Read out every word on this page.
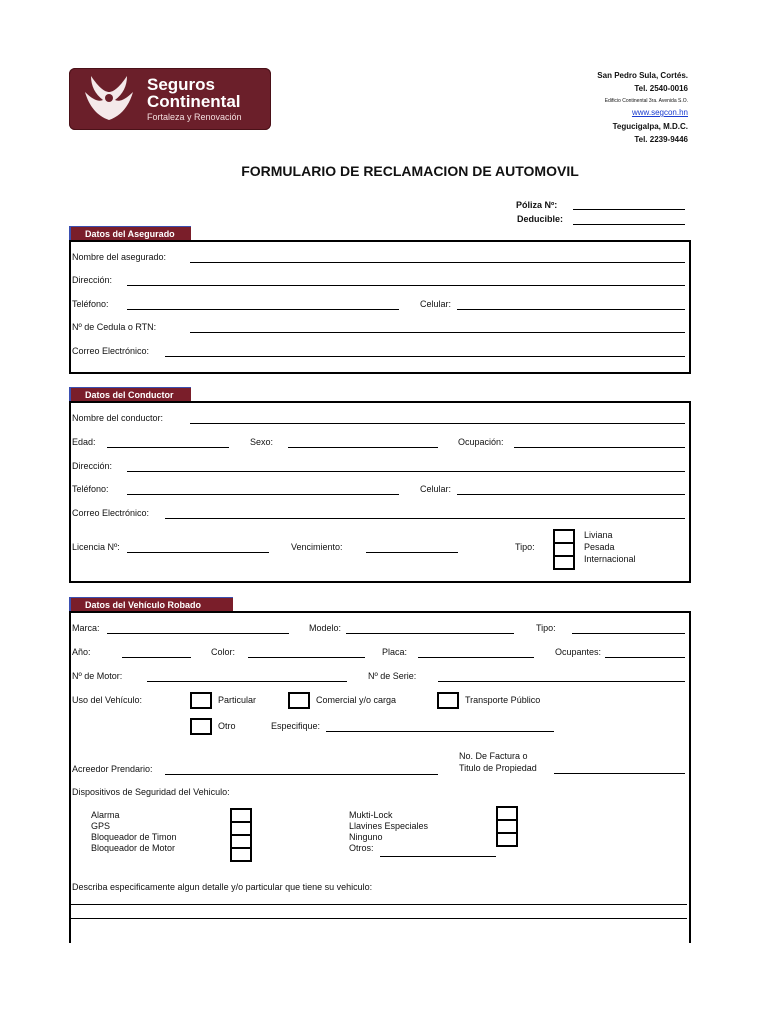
Seguros
Continental
Fortaleza y Renovación
San Pedro Sula, Cortés.
Tel. 2540-0016
Edificio Continental 3ra. Avenida S.O.
www.segcon.hn
Tegucigalpa, M.D.C.
Tel. 2239-9446
FORMULARIO DE RECLAMACION DE AUTOMOVIL
Póliza Nº:
Deducible:
Datos del Asegurado
Nombre del asegurado:
Dirección:
Teléfono:	Celular:
Nº de Cedula o RTN:
Correo Electrónico:
Datos del Conductor
Nombre del conductor:
Edad:	Sexo:	Ocupación:
Dirección:
Teléfono:	Celular:
Correo Electrónico:
Licencia Nº:	Vencimiento:	Tipo:
Liviana
Pesada
Internacional
Datos del Vehículo Robado
Marca:	Modelo:	Tipo:
Año:	Color:	Placa:	Ocupantes:
Nº de Motor:	Nº de Serie:
Uso del Vehículo:	Particular	Comercial y/o carga	Transporte Público
Otro	Especifique:
No. De Factura o
Titulo de Propiedad
Acreedor Prendario:
Dispositivos de Seguridad del Vehiculo:
Alarma
GPS
Bloqueador de Timon
Bloqueador de Motor
Mukti-Lock
Llavines Especiales
Ninguno
Otros:
Describa especificamente algun detalle y/o particular que tiene su vehiculo:
